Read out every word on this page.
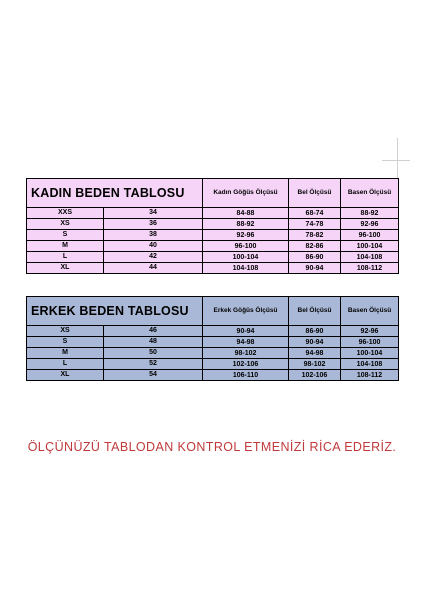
KADIN BEDEN TABLOSU	Kadın Göğüs Ölçüsü	Bel Ölçüsü	Basen Ölçüsü

XXS 34	84-88	68-74	88-92

XS 36	88-92	74-78	92-96

S 38	92-96	78-82	96-100

M 40	96-100	82-86	100-104

L 42	100-104	86-90	104-108

XL 44	104-108	90-94	108-112
ERKEK BEDEN TABLOSU	Erkek Göğüs Ölçüsü	Bel Ölçüsü	Basen Ölçüsü

XS 46	90-94	86-90	92-96

S 48	94-98	90-94	96-100

M 50	98-102	94-98	100-104

L 52	102-106	98-102	104-108

XL 54	106-110	102-106	108-112
ÖLÇÜNÜZÜ TABLODAN KONTROL ETMENİZİ RİCA EDERİZ.
